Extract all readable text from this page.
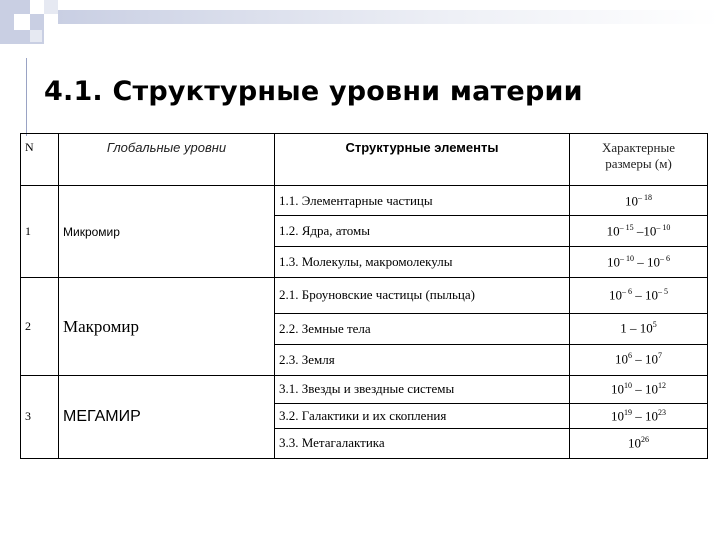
4.1. Структурные уровни материи
N	Глобальные уровни	Структурные элементы	Характерные
размеры (м)

1	Микромир	1.1. Элементарные частицы	$10^{- 18}$
		1.2. Ядра, атомы	$10^{- 15}$ $-10^{- 10}$
		1.3. Молекулы, макромолекулы	$10^{- 10} - 10^{- 6}$
2	Макромир	2.1. Броуновские частицы (пыльца)	$10^{- 6} - 10^{- 5}$
		2.2. Земные тела	$1 - 10^5$
		2.3. Земля	$10^6 - 10^7$
3	МЕГАМИР	3.1. Звезды и звездные системы	$10^{10} - 10^{12}$
		3.2. Галактики и их скопления	$10^{19} - 10^{23}$
		3.3. Метагалактика	$10^{26}$
